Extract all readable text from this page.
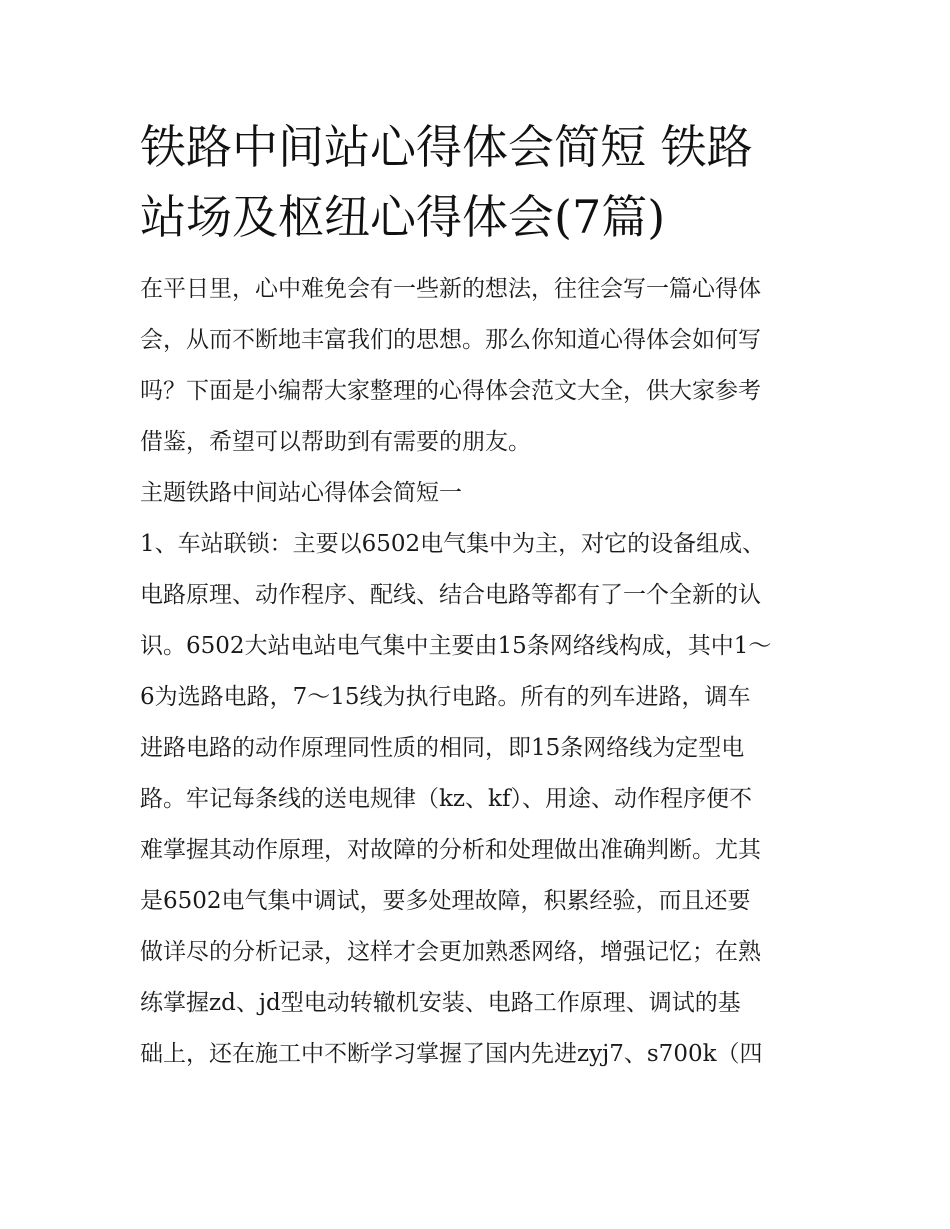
铁路中间站心得体会简短 铁路
站场及枢纽心得体会(7篇)
在平日里，心中难免会有一些新的想法，往往会写一篇心得体
会，从而不断地丰富我们的思想。那么你知道心得体会如何写
吗？下面是小编帮大家整理的心得体会范文大全，供大家参考
借鉴，希望可以帮助到有需要的朋友。
主题铁路中间站心得体会简短一
1、车站联锁：主要以6502电气集中为主，对它的设备组成、
电路原理、动作程序、配线、结合电路等都有了一个全新的认
识。6502大站电站电气集中主要由15条网络线构成，其中1～
6为选路电路，7～15线为执行电路。所有的列车进路，调车
进路电路的动作原理同性质的相同，即15条网络线为定型电
路。牢记每条线的送电规律（kz、kf）、用途、动作程序便不
难掌握其动作原理，对故障的分析和处理做出准确判断。尤其
是6502电气集中调试，要多处理故障，积累经验，而且还要
做详尽的分析记录，这样才会更加熟悉网络，增强记忆；在熟
练掌握zd、jd型电动转辙机安装、电路工作原理、调试的基
础上，还在施工中不断学习掌握了国内先进zyj7、s700k（四
